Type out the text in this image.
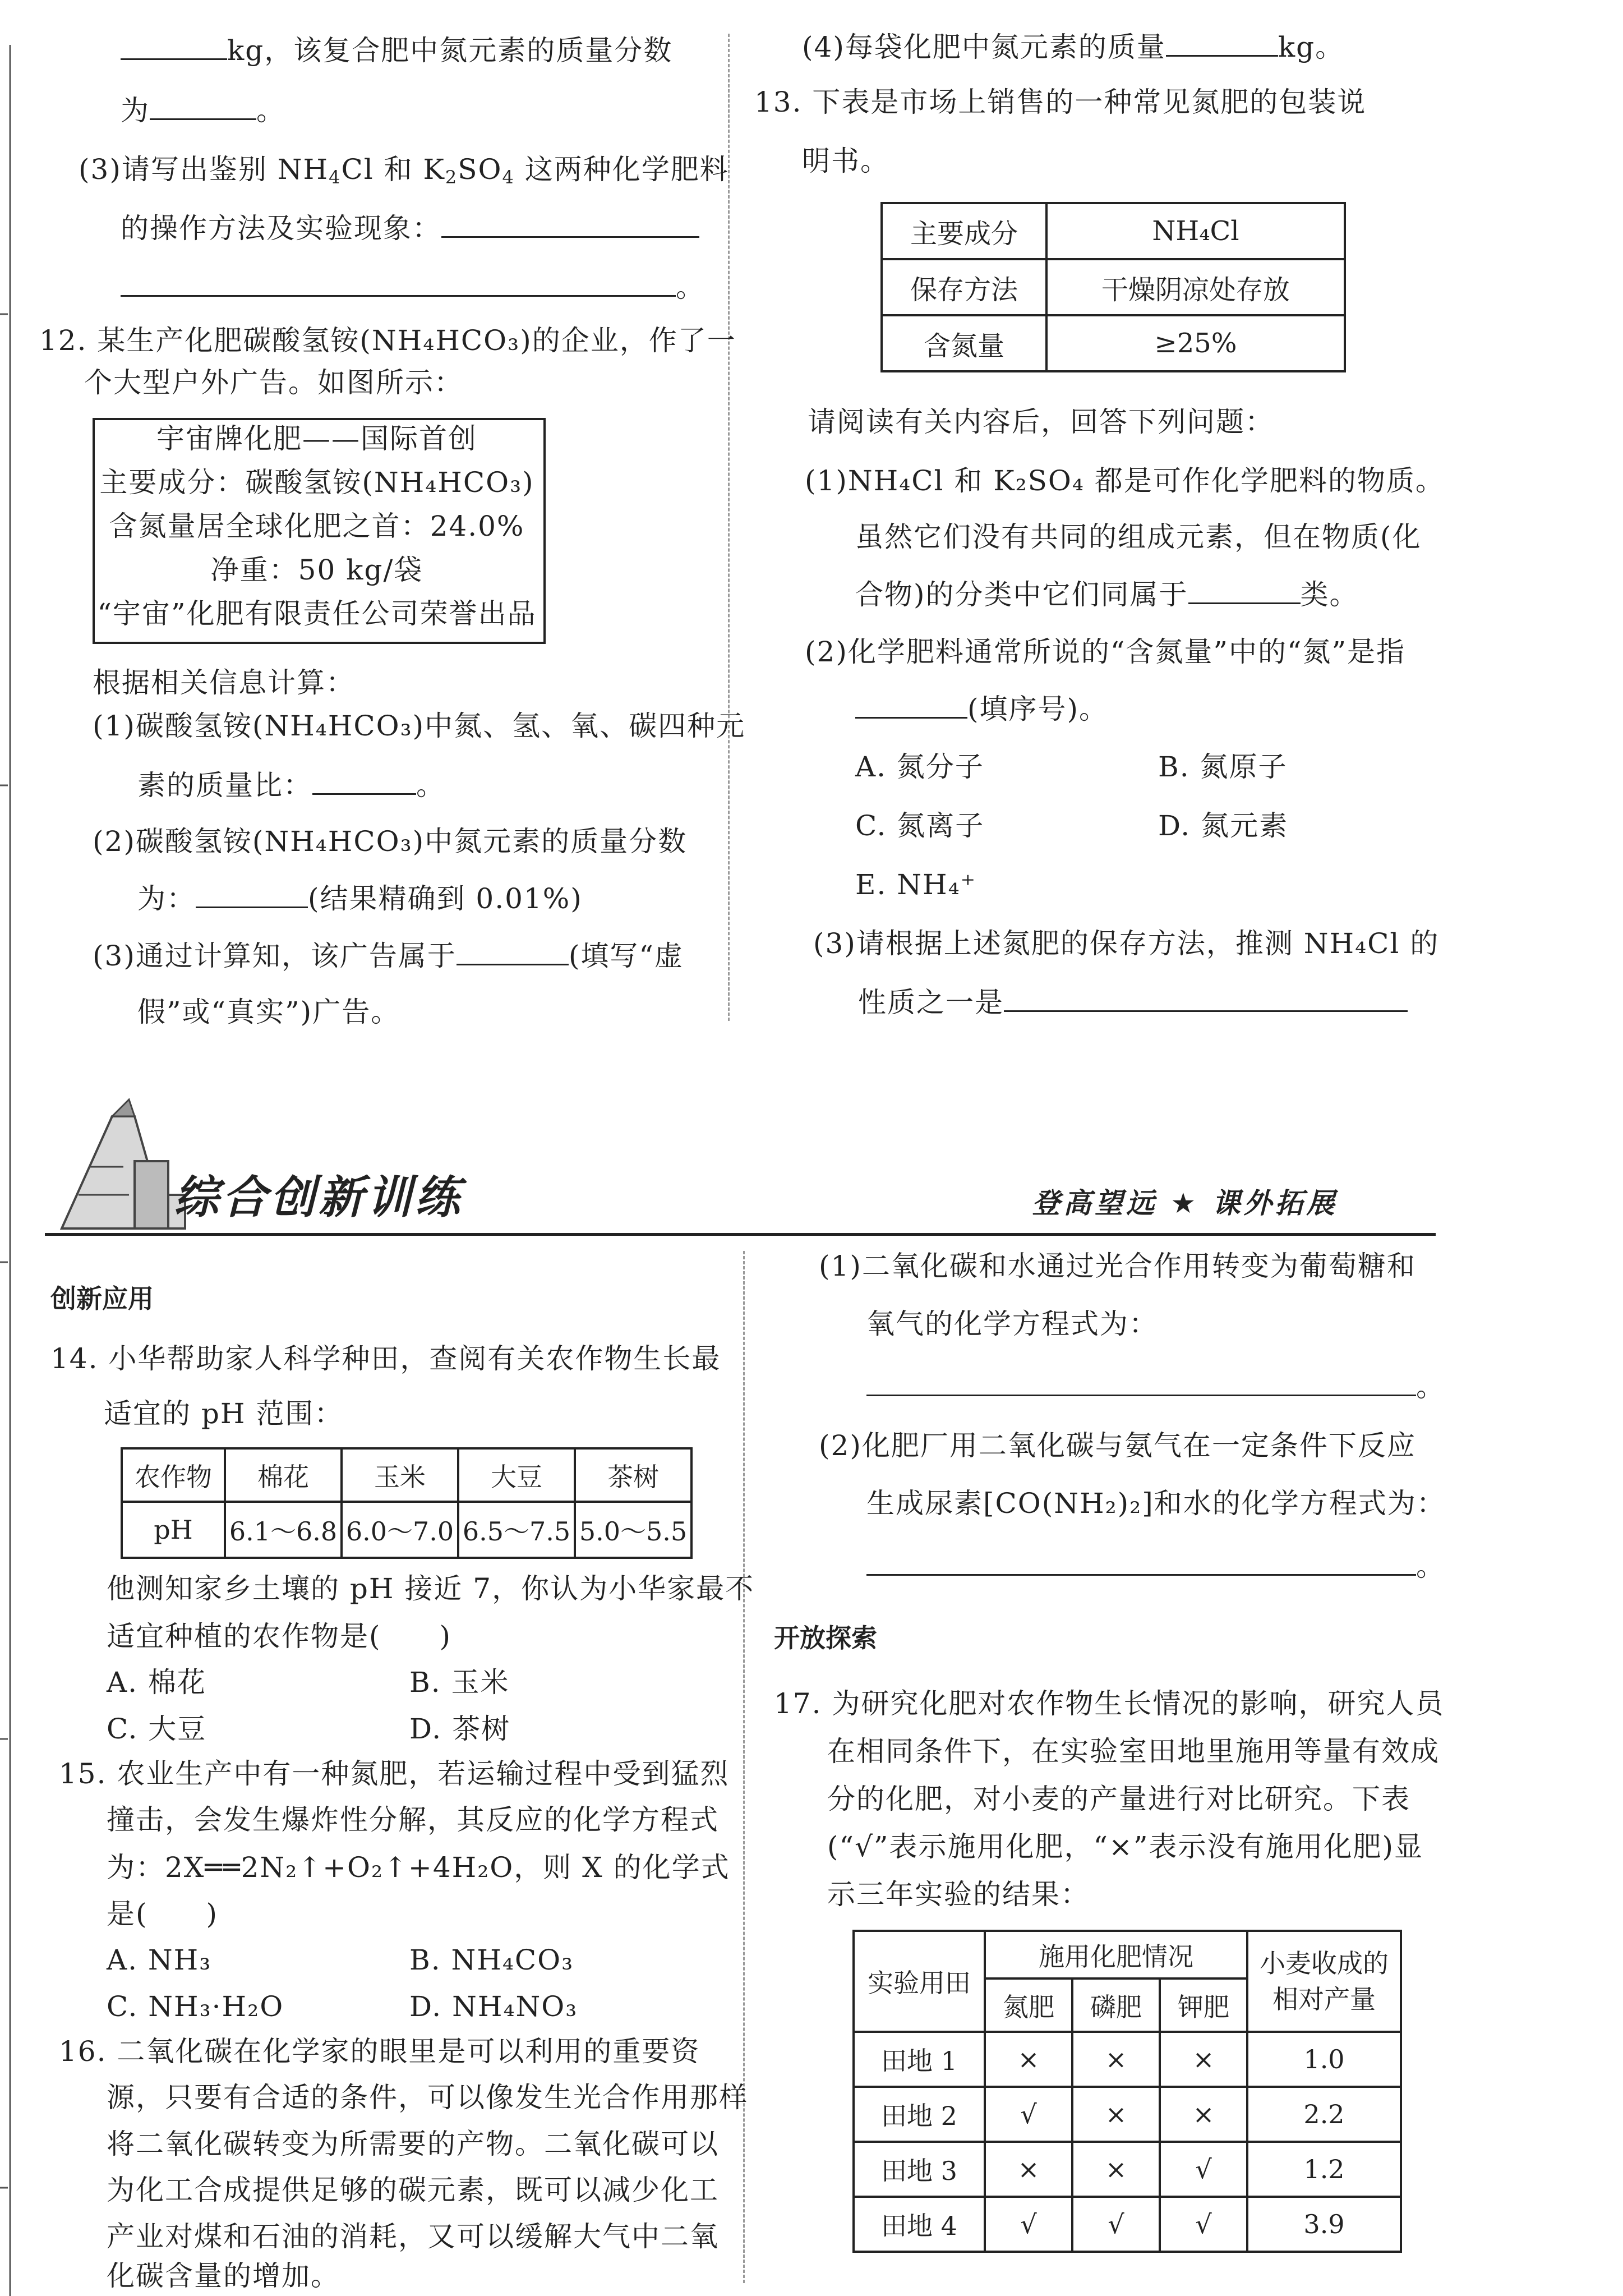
kg，该复合肥中氮元素的质量分数
为	。
(3)请写出鉴别 $NH_4Cl$ 和 $K_2SO_4$ 这两种化学肥料
的操作方法及实验现象：
。
12. 某生产化肥碳酸氢铵(NH₄HCO₃)的企业，作了一
个大型户外广告。如图所示：
宇宙牌化肥——国际首创
主要成分：碳酸氢铵(NH₄HCO₃)
含氮量居全球化肥之首：24.0%
净重：50 kg/袋
“宇宙”化肥有限责任公司荣誉出品
根据相关信息计算：
(1)碳酸氢铵(NH₄HCO₃)中氮、氢、氧、碳四种元
素的质量比：	。
(2)碳酸氢铵(NH₄HCO₃)中氮元素的质量分数
为：	(结果精确到 0.01%)
(3)通过计算知，该广告属于	(填写“虚
假”或“真实”)广告。
(4)每袋化肥中氮元素的质量	kg。
13. 下表是市场上销售的一种常见氮肥的包装说
明书。
主要成分	NH₄Cl
保存方法	干燥阴凉处存放
含氮量	≥25%
请阅读有关内容后，回答下列问题：
(1)NH₄Cl 和 K₂SO₄ 都是可作化学肥料的物质。
虽然它们没有共同的组成元素，但在物质(化
合物)的分类中它们同属于	类。
(2)化学肥料通常所说的“含氮量”中的“氮”是指
(填序号)。
A. 氮分子	B. 氮原子
C. 氮离子	D. 氮元素
E. NH₄⁺
(3)请根据上述氮肥的保存方法，推测 NH₄Cl 的
性质之一是
综合创新训练	登高望远 ★ 课外拓展
创新应用
14. 小华帮助家人科学种田，查阅有关农作物生长最
适宜的 pH 范围：
农作物	棉花	玉米	大豆	茶树
pH	6.1～6.8	6.0～7.0	6.5～7.5	5.0～5.5
他测知家乡土壤的 pH 接近 7，你认为小华家最不
适宜种植的农作物是(　　)
A. 棉花	B. 玉米
C. 大豆	D. 茶树
15. 农业生产中有一种氮肥，若运输过程中受到猛烈
撞击，会发生爆炸性分解，其反应的化学方程式
为：2X══2N₂↑+O₂↑+4H₂O，则 X 的化学式
是(　　)
A. NH₃	B. NH₄CO₃
C. NH₃·H₂O	D. NH₄NO₃
16. 二氧化碳在化学家的眼里是可以利用的重要资
源，只要有合适的条件，可以像发生光合作用那样
将二氧化碳转变为所需要的产物。二氧化碳可以
为化工合成提供足够的碳元素，既可以减少化工
产业对煤和石油的消耗，又可以缓解大气中二氧
化碳含量的增加。
(1)二氧化碳和水通过光合作用转变为葡萄糖和
氧气的化学方程式为：
。
(2)化肥厂用二氧化碳与氨气在一定条件下反应
生成尿素[CO(NH₂)₂]和水的化学方程式为：
。
开放探索
17. 为研究化肥对农作物生长情况的影响，研究人员
在相同条件下，在实验室田地里施用等量有效成
分的化肥，对小麦的产量进行对比研究。下表
(“√”表示施用化肥，“×”表示没有施用化肥)显
示三年实验的结果：
实验用田	施用化肥情况			小麦收成的
相对产量

	氮肥	磷肥	钾肥	
田地 1	×	×	×	1.0
田地 2	√	×	×	2.2
田地 3	×	×	√	1.2
田地 4	√	√	√	3.9
